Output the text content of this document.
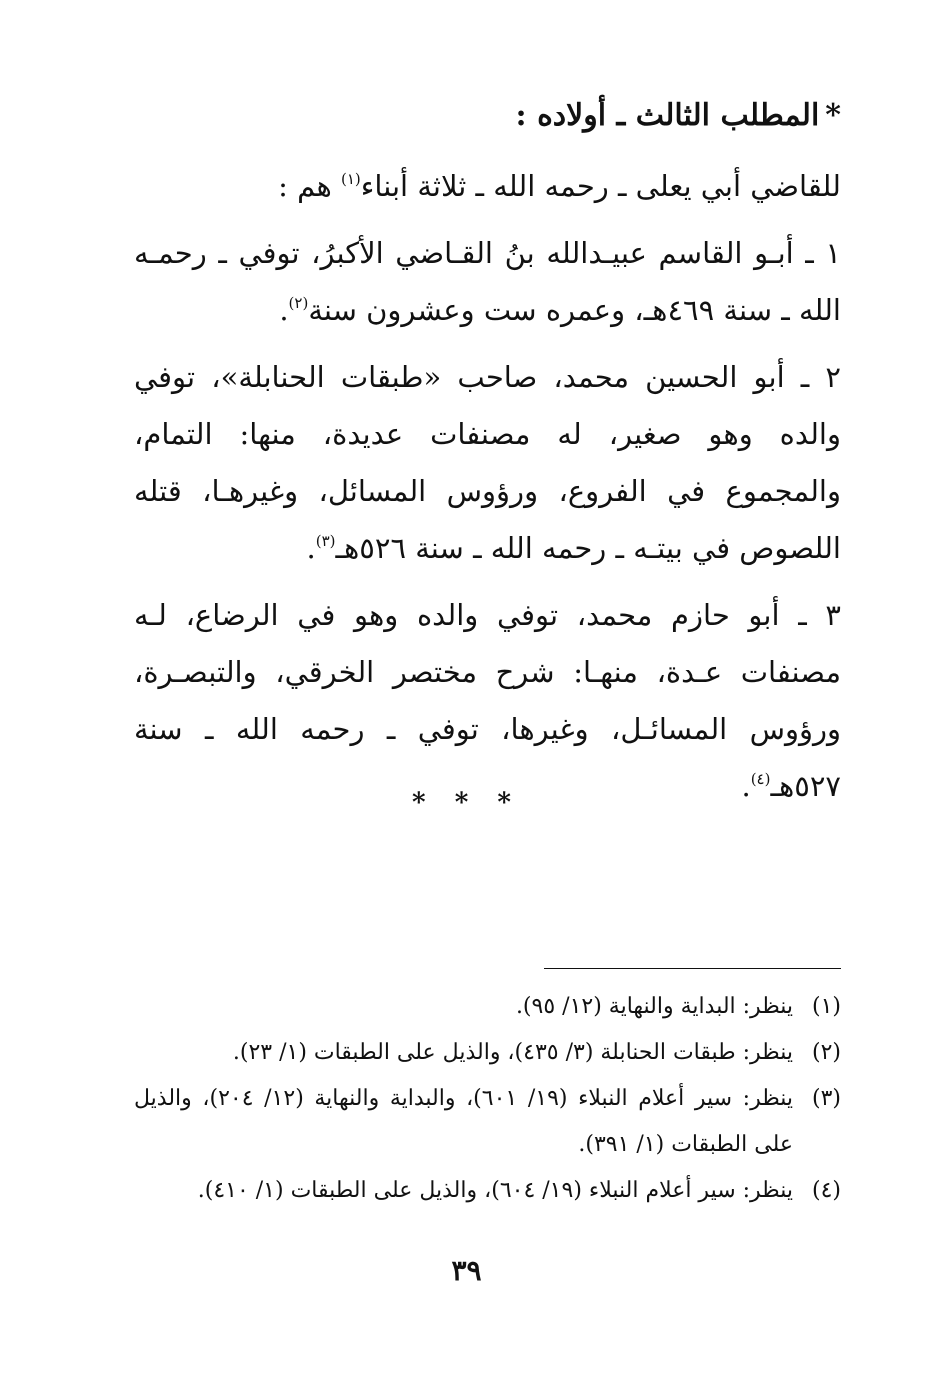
*المطلب الثالث ـ أولاده :

للقاضي أبي يعلى ـ رحمه الله ـ ثلاثة أبناء$^{(١)}$ هم :

١ ـ أبـو القاسم عبيـدالله بنُ القـاضي الأكبرُ، توفي ـ رحمـه الله ـ سنة ٤٦٩هـ، وعمره ست وعشرون سنة$^{(٢)}$.

٢ ـ أبو الحسين محمد، صاحب «طبقات الحنابلة»، توفي والده وهو صغير، له مصنفات عديدة، منها: التمام، والمجموع في الفروع، ورؤوس المسائل، وغيرهـا، قتله اللصوص في بيتـه ـ رحمه الله ـ سنة ٥٢٦هـ$^{(٣)}$.

٣ ـ أبو حازم محمد، توفي والده وهو في الرضاع، لـه مصنفات عـدة، منهـا: شرح مختصر الخرقي، والتبصـرة، ورؤوس المسائـل، وغيرها، توفي ـ رحمه الله ـ سنة ٥٢٧هـ$^{(٤)}$.

* * *
(١)
ينظر: البداية والنهاية (١٢/ ٩٥).
(٢)
ينظر: طبقات الحنابلة (٣/ ٤٣٥)، والذيل على الطبقات (١/ ٢٣).
(٣)
ينظر: سير أعلام النبلاء (١٩/ ٦٠١)، والبداية والنهاية (١٢/ ٢٠٤)، والذيل على الطبقات (١/ ٣٩١).
(٤)
ينظر: سير أعلام النبلاء (١٩/ ٦٠٤)، والذيل على الطبقات (١/ ٤١٠).
٣٩
